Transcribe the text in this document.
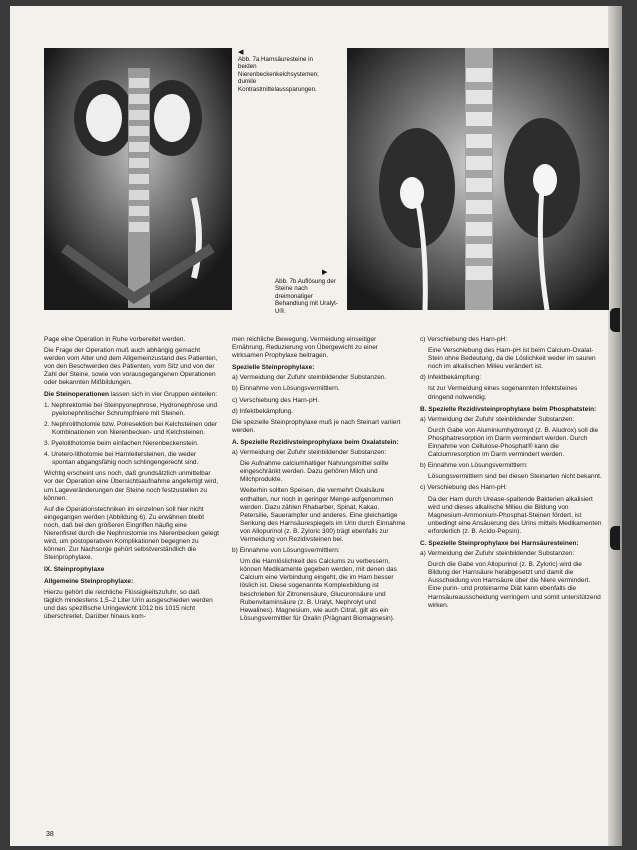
◀
Abb. 7a Harnsäuresteine in beiden Nierenbeckenkelchsystemen; dunkle Kontrastmittelaussparungen.
▶
Abb. 7b Auflösung der Steine nach dreimonatiger Behandlung mit Uralyt-U®.

Page eine Operation in Ruhe vorbereitet werden.

Die Frage der Operation muß auch abhängig gemacht werden vom Alter und dem Allgemeinzustand des Patienten, von den Beschwerden des Patienten, vom Sitz und von der Zahl der Steine, sowie von vorausgegangenen Operationen oder bekannten Mißbildungen.

Die Steinoperationen lassen sich in vier Gruppen einteilen:

1. Nephrektomie bei Steinpyonephrose, Hydronephrose und pyelonephritischer Schrumpfniere mit Steinen.

2. Nephrolithotomie bzw. Polresektion bei Kelchsteinen oder Kombinationen von Nierenbecken- und Kelchsteinen.

3. Pyelolithotomie beim einfachen Nierenbeckenstein.

4. Uretero-lithotomie bei Harnleitersteinen, die weder spontan abgangsfähig noch schlingengerecht sind.

Wichtig erscheint uns noch, daß grundsätzlich unmittelbar vor der Operation eine Übersichtsaufnahme angefertigt wird, um Lageveränderungen der Steine noch festzustellen zu können.

Auf die Operationstechniken im einzelnen soll hier nicht eingegangen werden (Abbildung 6). Zu erwähnen bleibt noch, daß bei den größeren Eingriffen häufig eine Nierenfistel durch die Nephrostomie ins Nierenbecken gelegt wird, um postoperativen Komplikationen begegnen zu können. Zur Nachsorge gehört selbstverständlich die Steinprophylaxe.

IX. Steinprophylaxe
Allgemeine Steinprophylaxe:

Hierzu gehört die reichliche Flüssigkeitszufuhr, so daß täglich mindestens 1,5–2 Liter Urin ausgeschieden werden und das spezifische Uringewicht 1012 bis 1015 nicht überschreitet. Darüber hinaus kom-

men reichliche Bewegung, Vermeidung einseitiger Ernährung, Reduzierung von Übergewicht zu einer wirksamen Prophylaxe beitragen.

Spezielle Steinprophylaxe:

a) Vermeidung der Zufuhr steinbildender Substanzen.

b) Einnahme von Lösungsvermittlern.

c) Verschiebung des Harn-pH.

d) Infektbekämpfung.

Die spezielle Steinprophylaxe muß je nach Steinart variiert werden.

A. Spezielle Rezidivsteinprophylaxe beim Oxalatstein:

a) Vermeidung der Zufuhr steinbildender Substanzen:

Die Aufnahme calciumhaltiger Nahrungsmittel sollte eingeschränkt werden. Dazu gehören Milch und Milchprodukte.

Weiterhin sollten Speisen, die vermehrt Oxalsäure enthalten, nur noch in geringer Menge aufgenommen werden. Dazu zählen Rhabarber, Spinat, Kakao, Petersilie, Sauerampfer und anderes. Eine gleichartige Senkung des Harnsäurespiegels im Urin durch Einnahme von Allopurinol (z. B. Zyloric 300) trägt ebenfalls zur Vermeidung von Rezidivsteinen bei.

b) Einnahme von Lösungsvermittlern:

Um die Harnlöslichkeit des Calciums zu verbessern, können Medikamente gegeben werden, mit denen das Calcium eine Verbindung eingeht, die im Harn besser löslich ist. Diese sogenannte Komplexbildung ist beschrieben für Zitronensäure, Glucuronsäure und Rubenvitaminsäure (z. B. Uralyt, Nephrolyt und Hewalines). Magnesium, wie auch Citrat, gilt als ein Lösungsvermittler für Oxalin (Prägnant Biomagnesin).

c) Verschiebung des Harn-pH:

Eine Verschiebung des Harn-pH ist beim Calcium-Oxalat-Stein ohne Bedeutung, da die Löslichkeit weder im sauren noch im alkalischen Milieu verändert ist.

d) Infektbekämpfung:

Ist zur Vermeidung eines sogenannten Infektsteines dringend notwendig.

B. Spezielle Rezidivsteinprophylaxe beim Phosphatstein:

a) Vermeidung der Zufuhr steinbildender Substanzen:

Durch Gabe von Aluminiumhydroxyd (z. B. Aludrox) soll die Phosphatresorption im Darm vermindert werden. Durch Einnahme von Cellulose-Phosphat® kann die Calciumresorption im Darm vermindert werden.

b) Einnahme von Lösungsvermittlern:

Lösungsvermittlern sind bei diesen Steinarten nicht bekannt.

c) Verschiebung des Harn-pH:

Da der Harn durch Urease-spaltende Bakterien alkalisiert wird und dieses alkalische Milieu die Bildung von Magnesium-Ammonium-Phosphat-Steinen fördert, ist unbedingt eine Ansäuerung des Urins mittels Medikamenten erforderlich (z. B. Acido-Pepsin).

C. Spezielle Steinprophylaxe bei Harnsäuresteinen:

a) Vermeidung der Zufuhr steinbildender Substanzen:

Durch die Gabe von Allopurinol (z. B. Zyloric) wird die Bildung der Harnsäure herabgesetzt und damit die Ausscheidung von Harnsäure über die Niere vermindert. Eine purin- und proteinarme Diät kann ebenfalls die Harnsäureausscheidung verringern und somit unterstützend wirken.

38
